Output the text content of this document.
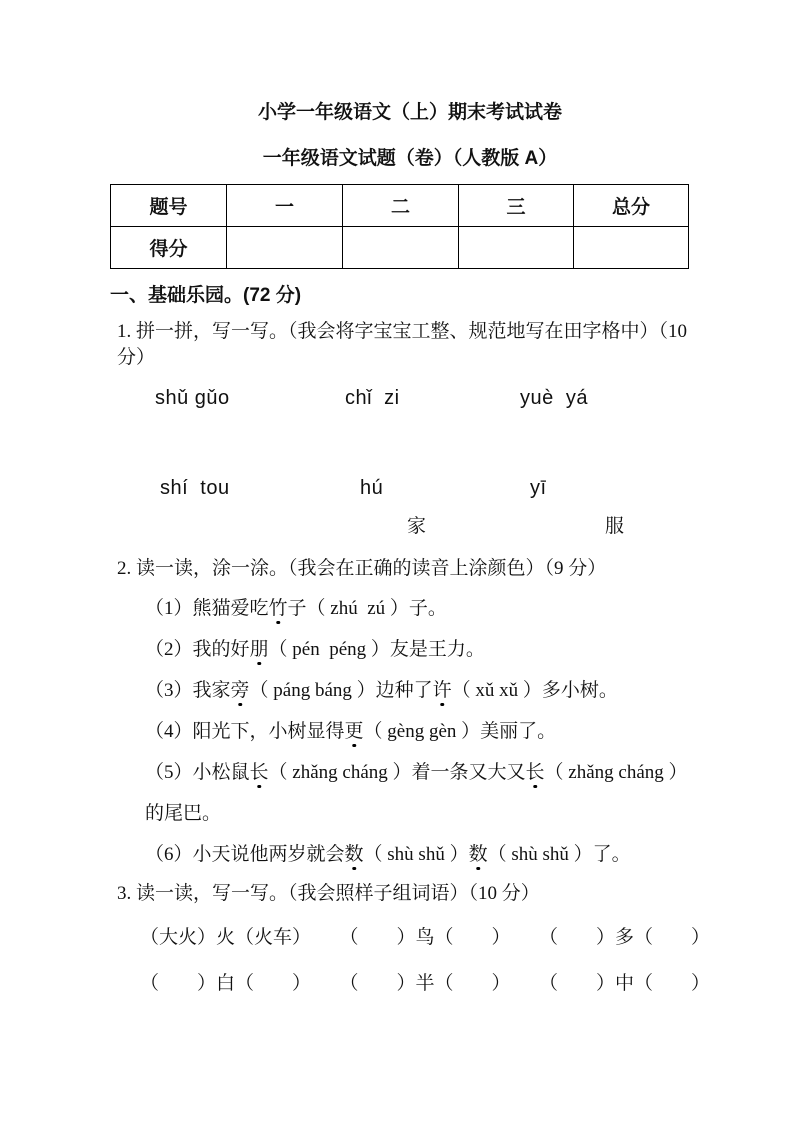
小学一年级语文（上）期末考试试卷
一年级语文试题（卷）（人教版 A）
题号	一	二	三	总分
得分				
一、基础乐园。(72 分)
1. 拼一拼，写一写。（我会将字宝宝工整、规范地写在田字格中）（10 分）
shǔ gǔo	chǐ  zi	yuè  yá
shí  tou	hú	yī
家	服
2. 读一读，涂一涂。（我会在正确的读音上涂颜色）（9 分）
（1）熊猫爱吃竹子（ zhú  zú ）子。
（2）我的好朋（ pén  péng ）友是王力。
（3）我家旁（ páng báng ）边种了许（ xǔ xǔ ）多小树。
（4）阳光下，小树显得更（ gèng gèn ）美丽了。
（5）小松鼠长（ zhǎng cháng ）着一条又大又长（ zhǎng cháng ）
的尾巴。
（6）小天说他两岁就会数（ shù shǔ ）数（ shù shǔ ）了。
3. 读一读，写一写。（我会照样子组词语）（10 分）
（大火）火（火车） （　　）鸟（　　） （　　）多（　　）
（　　）白（　　） （　　）半（　　） （　　）中（　　）
